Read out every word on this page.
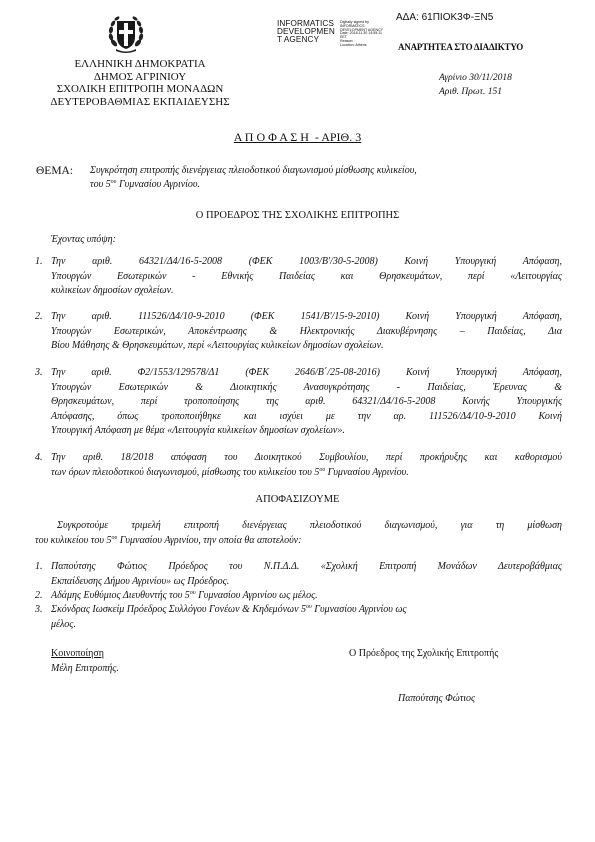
INFORMATICS
DEVELOPMEN
T AGENCY
Digitally signed by
INFORMATICS
DEVELOPMENT AGENCY
Date: 2018.11.30 14:55:11
EET
Reason:
Location: Athens
ΑΔΑ: 61ΠΙΟΚ3Φ-ΞΝ5
ΑΝΑΡΤΗΤΕΑ ΣΤΟ ΔΙΑΔΙΚΤΥΟ
ΕΛΛΗΝΙΚΗ ΔΗΜΟΚΡΑΤΙΑ
ΔΗΜΟΣ ΑΓΡΙΝΙΟΥ
ΣΧΟΛΙΚΗ ΕΠΙΤΡΟΠΗ ΜΟΝΑΔΩΝ
ΔΕΥΤΕΡΟΒΑΘΜΙΑΣ ΕΚΠΑΙΔΕΥΣΗΣ
Αγρίνιο 30/11/2018
Αριθ. Πρωτ. 151
Α Π Ο Φ Α Σ Η  - ΑΡΙΘ. 3
ΘΕΜΑ: Συγκρότηση επιτροπής διενέργειας πλειοδοτικού διαγωνισμού μίσθωσης κυλικείου,
του $5^{o\upsilon}$ Γυμνασίου Αγρινίου.
Ο ΠΡΟΕΔΡΟΣ ΤΗΣ ΣΧΟΛΙΚΗΣ ΕΠΙΤΡΟΠΗΣ
Έχοντας υπόψη:
1. Την αριθ. 64321/Δ4/16-5-2008 (ΦΕΚ 1003/Β'/30-5-2008) Κοινή Υπουργική Απόφαση,
Υπουργών Εσωτερικών - Εθνικής Παιδείας και Θρησκευμάτων, περί «Λειτουργίας
κυλικείων δημοσίων σχολείων.
2. Την αριθ. 111526/Δ4/10-9-2010 (ΦΕΚ 1541/Β'/15-9-2010) Κοινή Υπουργική Απόφαση,
Υπουργών Εσωτερικών, Αποκέντρωσης & Ηλεκτρονικής Διακυβέρνησης – Παιδείας, Δια
Βίου Μάθησης & Θρησκευμάτων, περί «Λειτουργίας κυλικείων δημοσίων σχολείων.
3. Την αριθ. Φ2/1553/129578/Δ1 (ΦΕΚ 2646/Β΄/25-08-2016) Κοινή Υπουργική Απόφαση,
Υπουργών Εσωτερικών & Διοικητικής Ανασυγκρότησης - Παιδείας, Έρευνας &
Θρησκευμάτων, περί τροποποίησης της αριθ. 64321/Δ4/16-5-2008 Κοινής Υπουργικής
Απόφασης, όπως τροποποιήθηκε και ισχύει με την αρ. 111526/Δ4/10-9-2010 Κοινή
Υπουργική Απόφαση με θέμα «Λειτουργία κυλικείων δημοσίων σχολείων».
4. Την αριθ. 18/2018 απόφαση του Διοικητικού Συμβουλίου, περί προκήρυξης και καθορισμού
των όρων πλειοδοτικού διαγωνισμού, μίσθωσης του κυλικείου του $5^{o\upsilon}$ Γυμνασίου Αγρινίου.
ΑΠΟΦΑΣΙΖΟΥΜΕ
Συγκροτούμε τριμελή επιτροπή διενέργειας πλειοδοτικού διαγωνισμού, για τη μίσθωση
του κυλικείου του $5^{o\upsilon}$ Γυμνασίου Αγρινίου, την οποία θα αποτελούν:
1. Παπούτσης Φώτιος Πρόεδρος του Ν.Π.Δ.Δ. «Σχολική Επιτροπή Μονάδων Δευτεροβάθμιας
Εκπαίδευσης Δήμου Αγρινίου» ως Πρόεδρος.
2. Αδάμης Ευθύμιος Διευθυντής του $5^{o\upsilon}$ Γυμνασίου Αγρινίου ως μέλος.
3. Σκόνδρας Ιωσκείμ Πρόεδρος Συλλόγου Γονέων & Κηδεμόνων $5^{o\upsilon}$ Γυμνασίου Αγρινίου ως
μέλος.
Κοινοποίηση
Μέλη Επιτροπής.
Ο Πρόεδρος της Σχολικής Επιτροπής
Παπούτσης Φώτιος
